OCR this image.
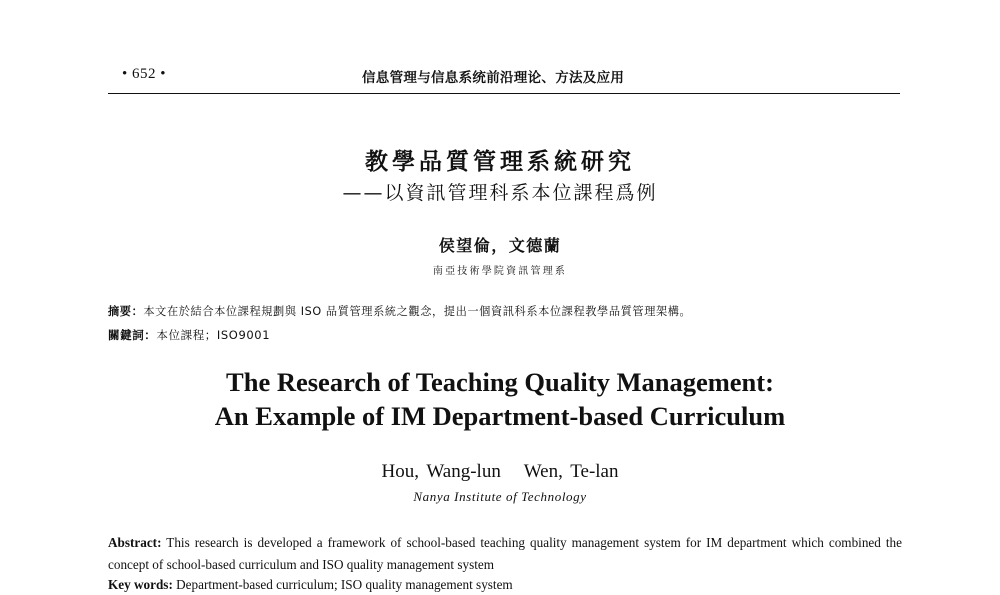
• 652 •	信息管理与信息系统前沿理论、方法及应用
教學品質管理系統研究
——以資訊管理科系本位課程爲例
侯望倫，文德蘭
南亞技術學院資訊管理系
摘要：本文在於結合本位課程規劃與 ISO 品質管理系統之觀念，提出一個資訊科系本位課程教學品質管理架構。
關鍵詞：本位課程；ISO9001
The Research of Teaching Quality Management:
An Example of IM Department-based Curriculum
Hou, Wang-lun   Wen, Te-lan
Nanya Institute of Technology
Abstract: This research is developed a framework of school-based teaching quality management system for IM department which combined the concept of school-based curriculum and ISO quality management system
Key words: Department-based curriculum; ISO quality management system
